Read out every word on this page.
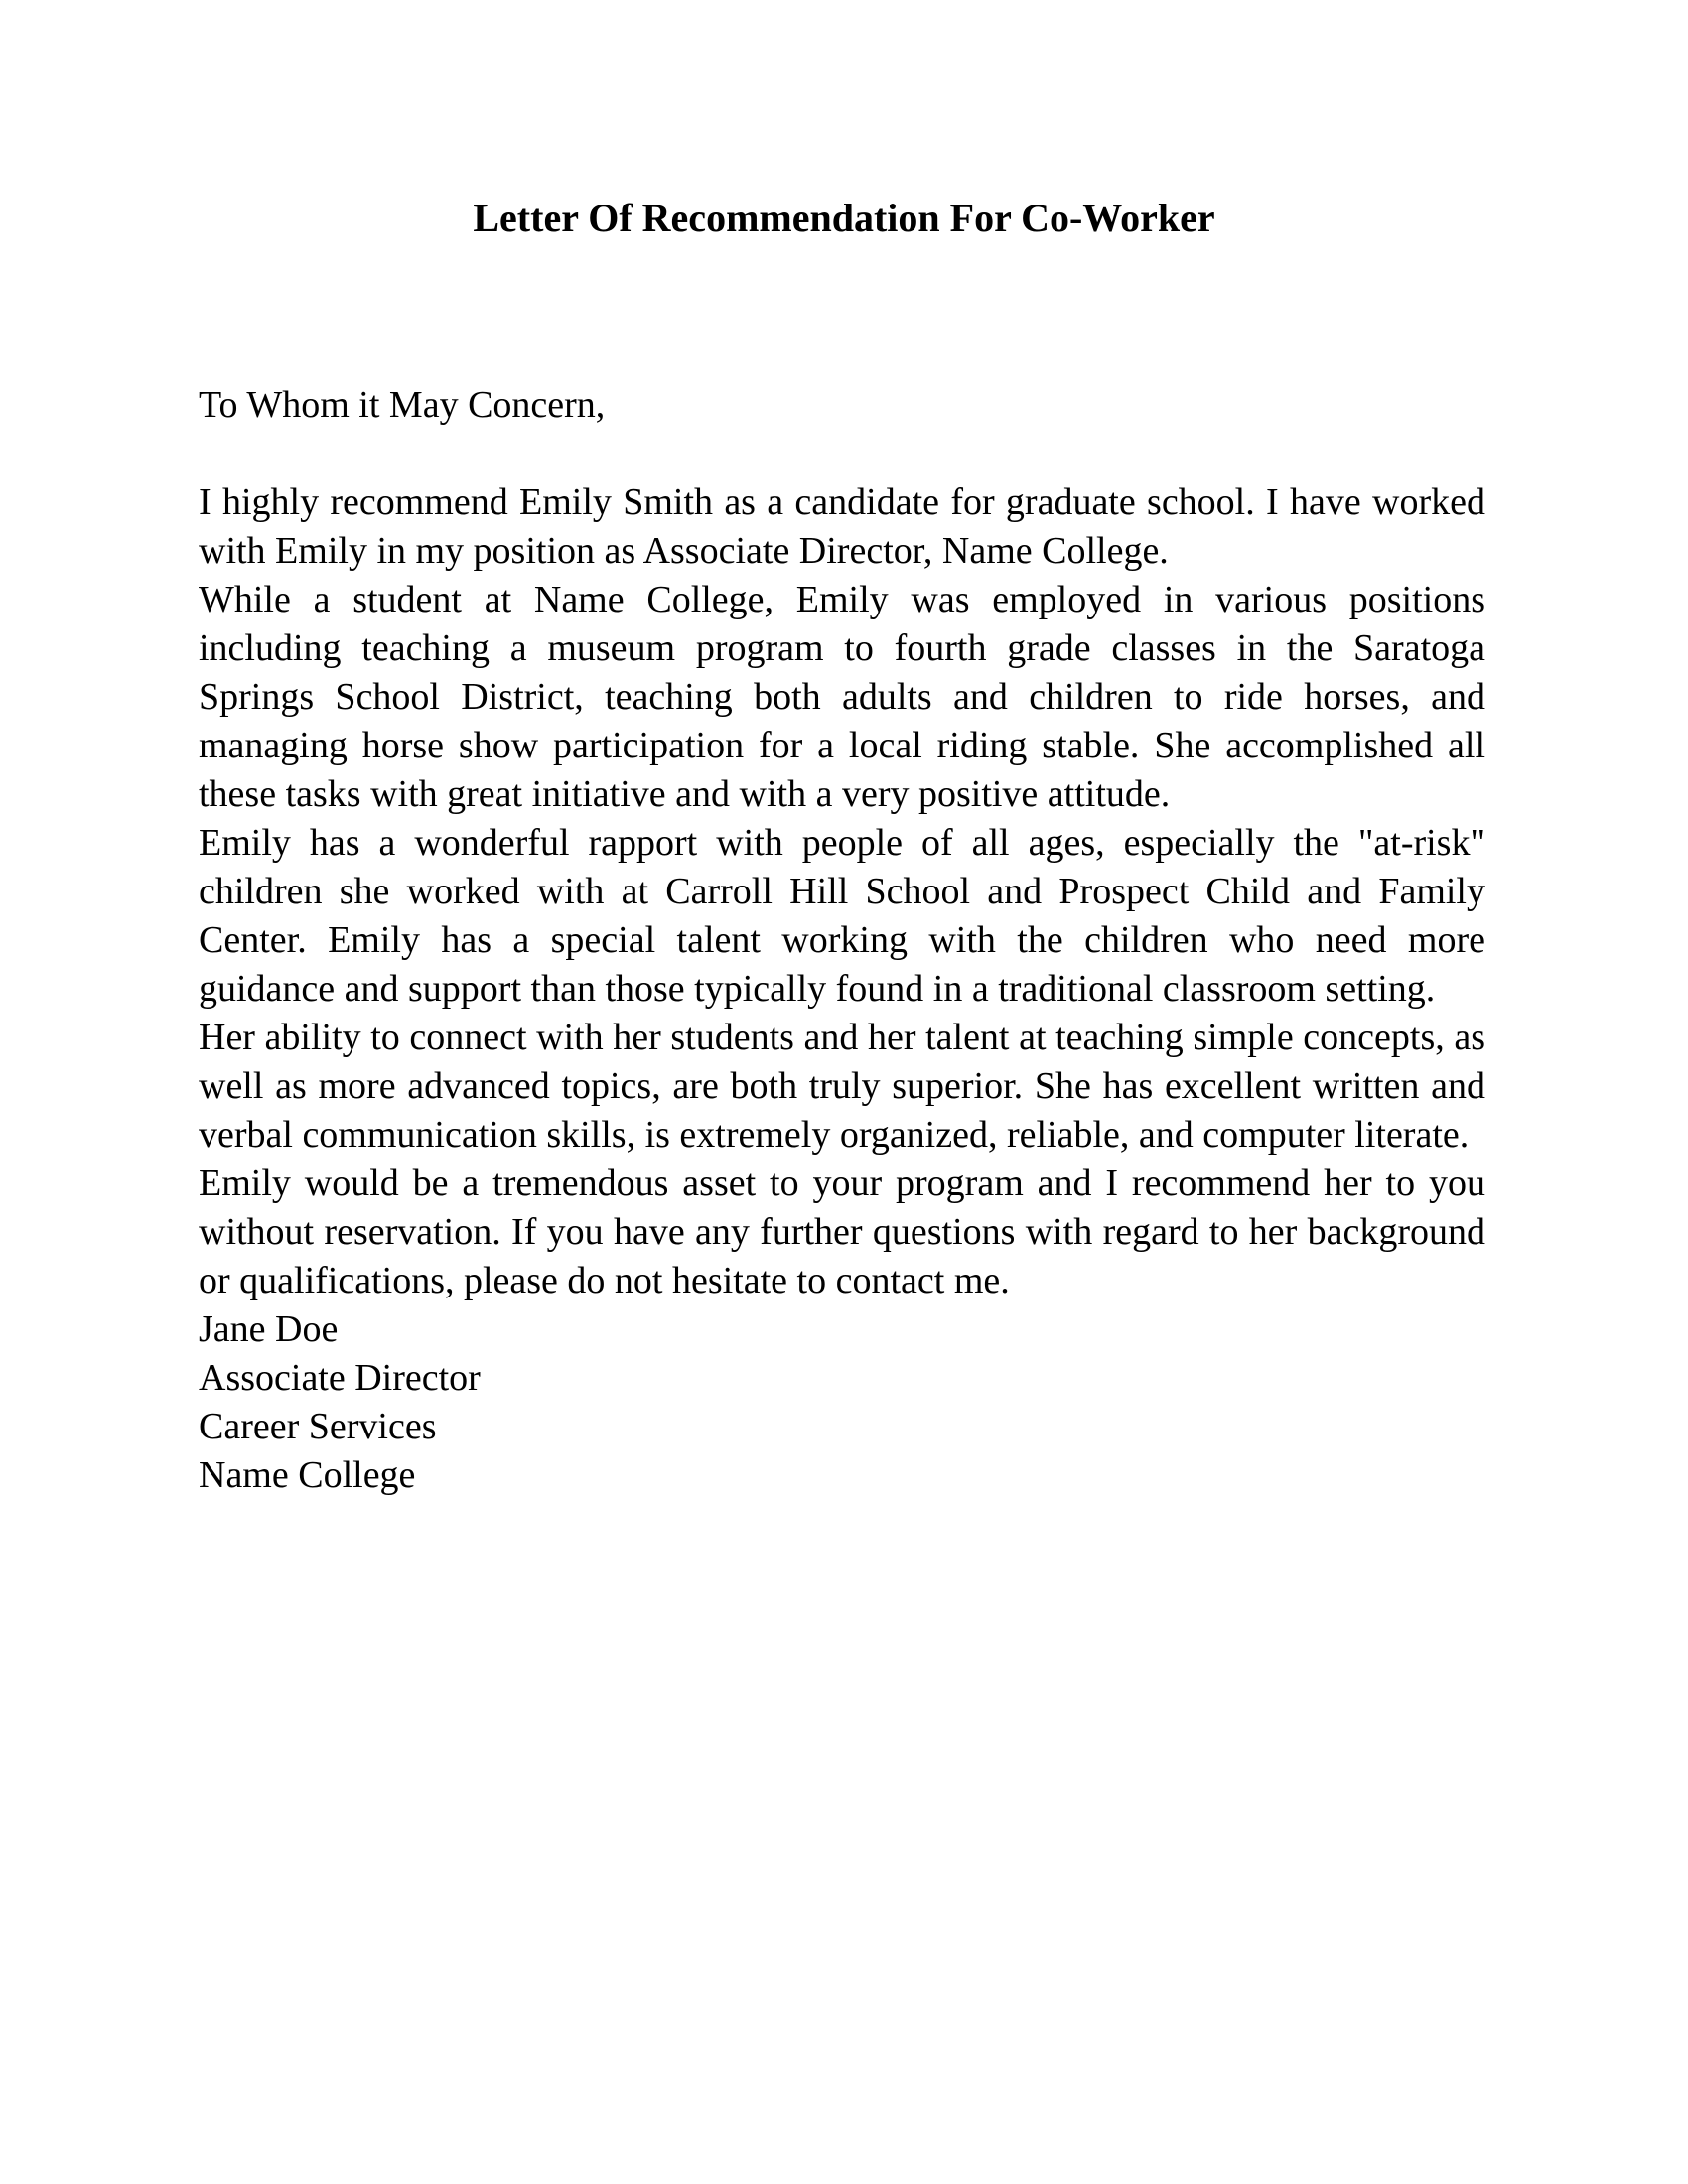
Letter Of Recommendation For Co-Worker

To Whom it May Concern,

I highly recommend Emily Smith as a candidate for graduate school. I have worked with Emily in my position as Associate Director, Name College.

While a student at Name College, Emily was employed in various positions including teaching a museum program to fourth grade classes in the Saratoga Springs School District, teaching both adults and children to ride horses, and managing horse show participation for a local riding stable. She accomplished all these tasks with great initiative and with a very positive attitude.

Emily has a wonderful rapport with people of all ages, especially the "at-risk" children she worked with at Carroll Hill School and Prospect Child and Family Center. Emily has a special talent working with the children who need more guidance and support than those typically found in a traditional classroom setting.

Her ability to connect with her students and her talent at teaching simple concepts, as well as more advanced topics, are both truly superior. She has excellent written and verbal communication skills, is extremely organized, reliable, and computer literate.

Emily would be a tremendous asset to your program and I recommend her to you without reservation. If you have any further questions with regard to her background or qualifications, please do not hesitate to contact me.

Jane Doe

Associate Director

Career Services

Name College
